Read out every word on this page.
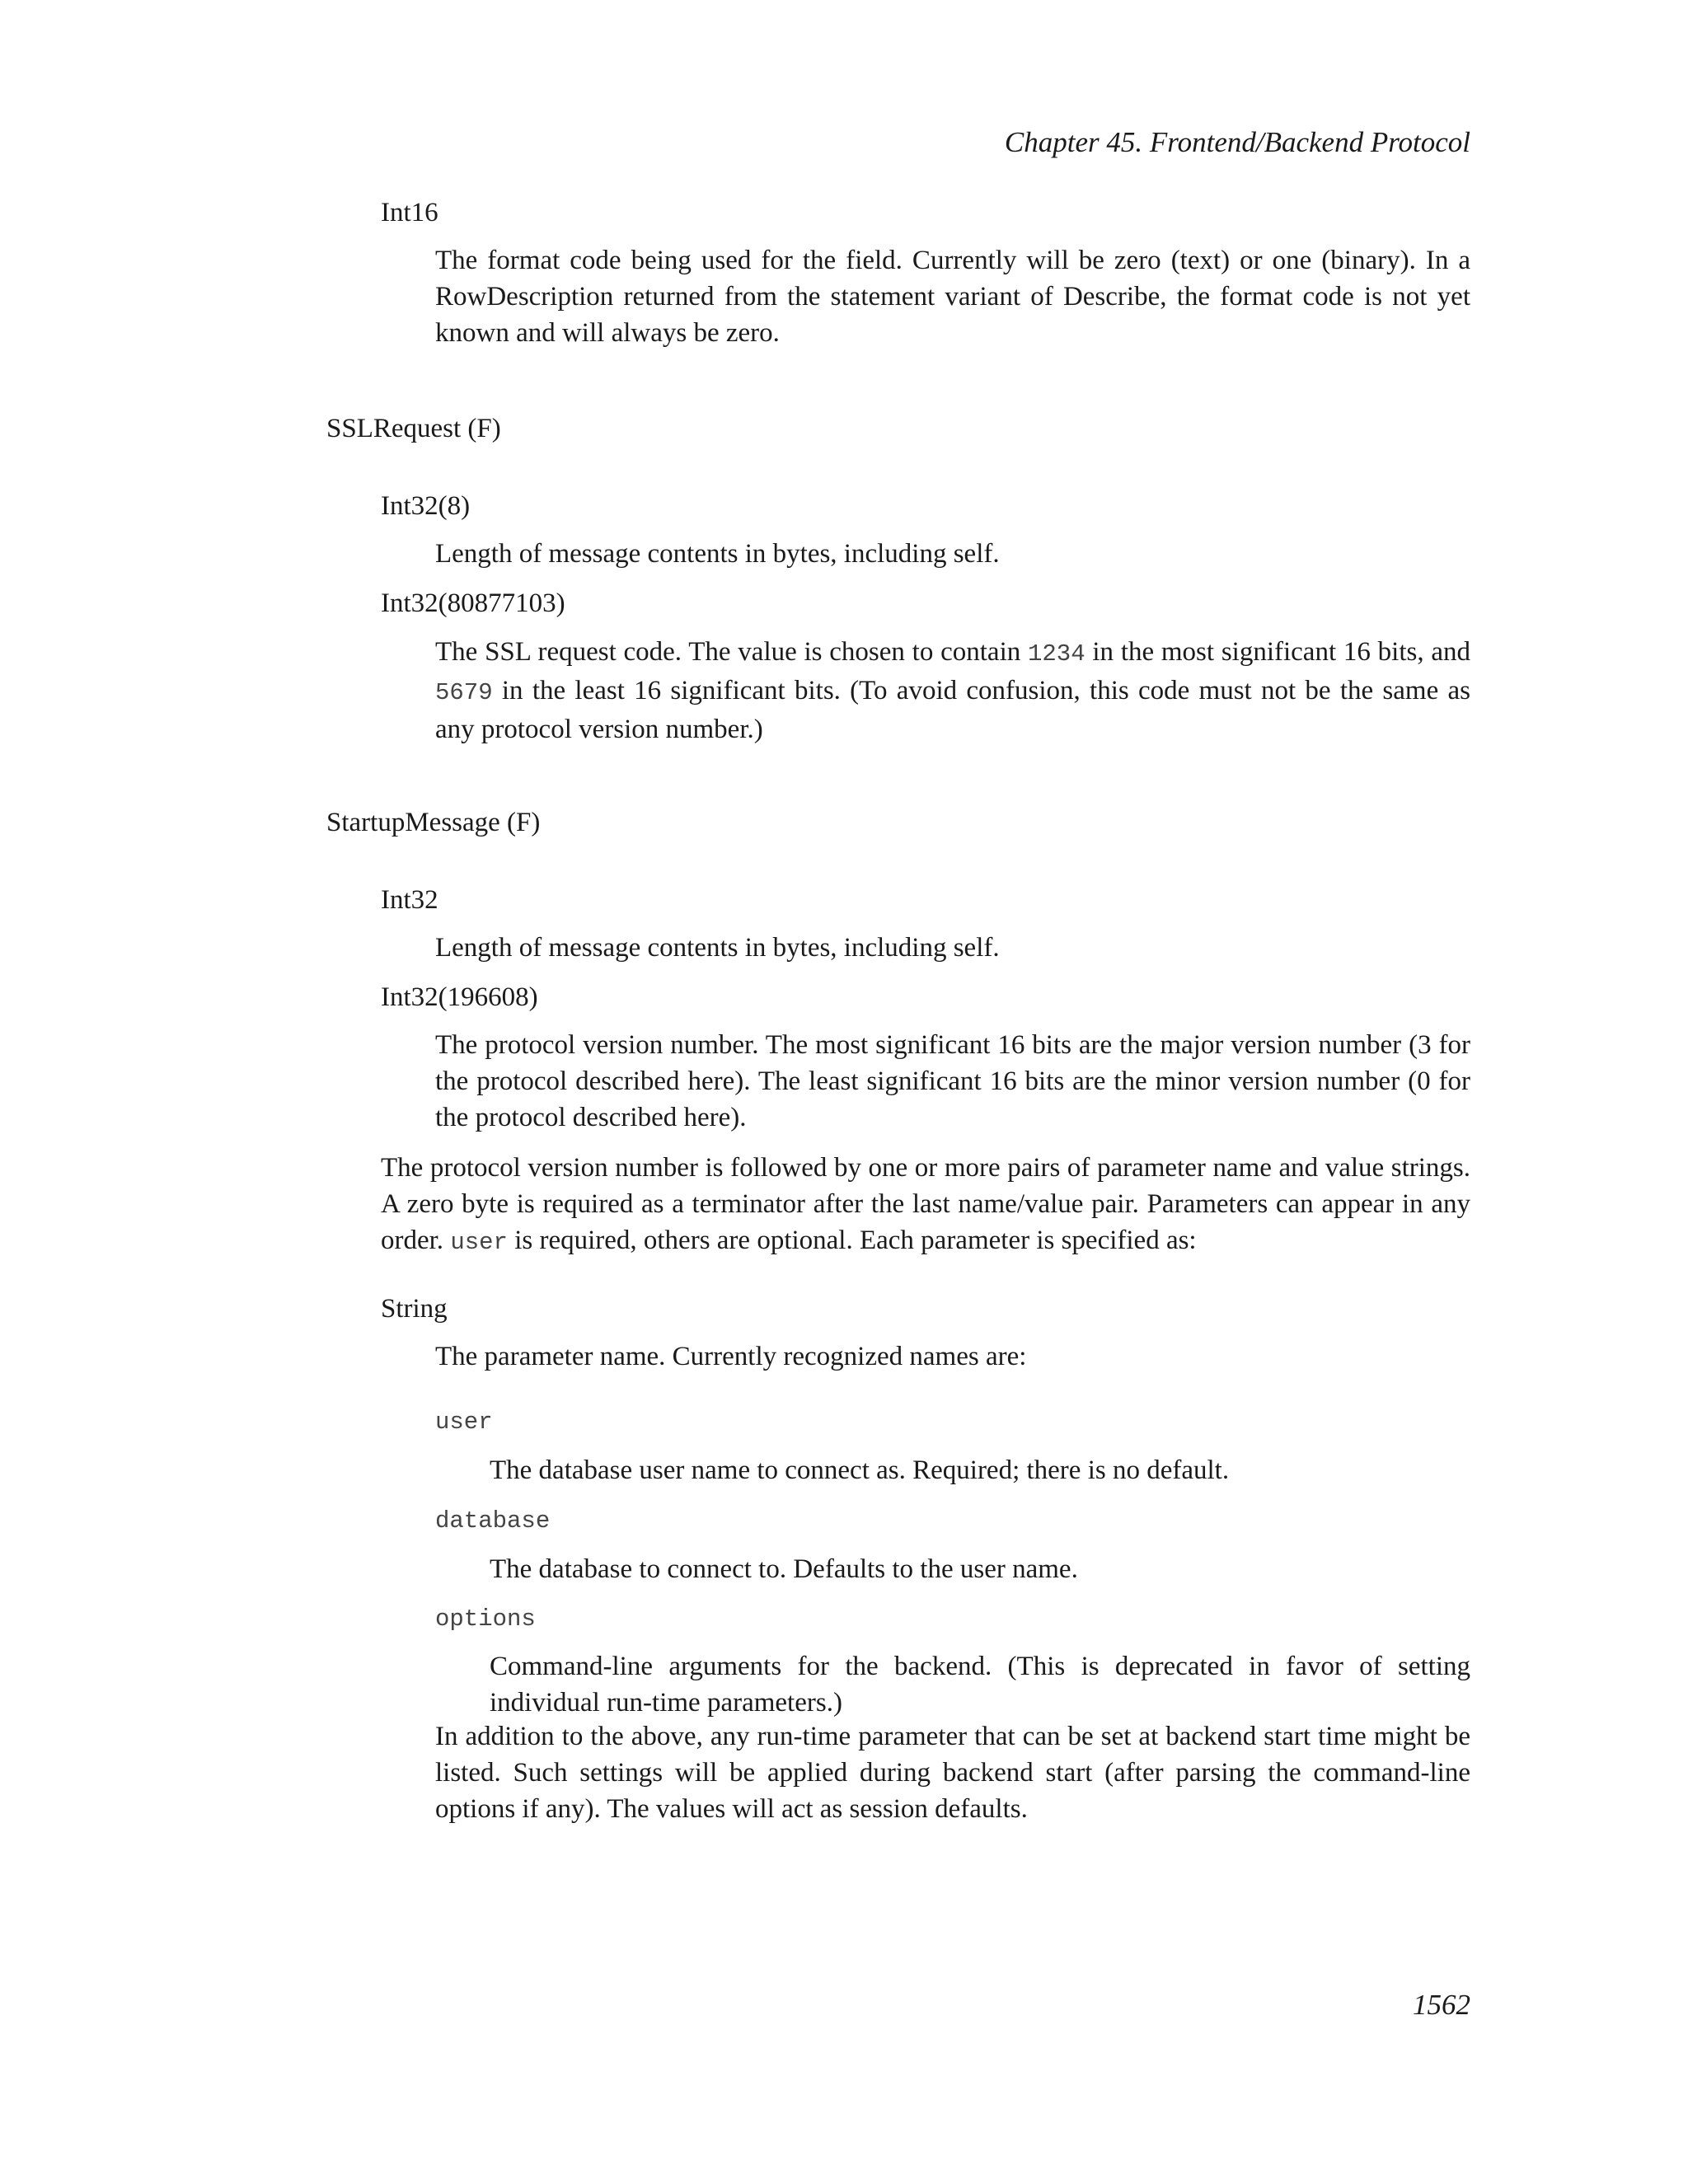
Chapter 45. Frontend/Backend Protocol
Int16

The format code being used for the field. Currently will be zero (text) or one (binary). In a RowDescription returned from the statement variant of Describe, the format code is not yet known and will always be zero.

SSLRequest (F)
Int32(8)

Length of message contents in bytes, including self.

Int32(80877103)

The SSL request code. The value is chosen to contain 1234 in the most significant 16 bits, and 5679 in the least 16 significant bits. (To avoid confusion, this code must not be the same as any protocol version number.)

StartupMessage (F)
Int32

Length of message contents in bytes, including self.

Int32(196608)

The protocol version number. The most significant 16 bits are the major version number (3 for the protocol described here). The least significant 16 bits are the minor version number (0 for the protocol described here).

The protocol version number is followed by one or more pairs of parameter name and value strings. A zero byte is required as a terminator after the last name/value pair. Parameters can appear in any order. user is required, others are optional. Each parameter is specified as:

String

The parameter name. Currently recognized names are:

user

The database user name to connect as. Required; there is no default.

database

The database to connect to. Defaults to the user name.

options

Command-line arguments for the backend. (This is deprecated in favor of setting individual run-time parameters.)

In addition to the above, any run-time parameter that can be set at backend start time might be listed. Such settings will be applied during backend start (after parsing the command-line options if any). The values will act as session defaults.

1562
